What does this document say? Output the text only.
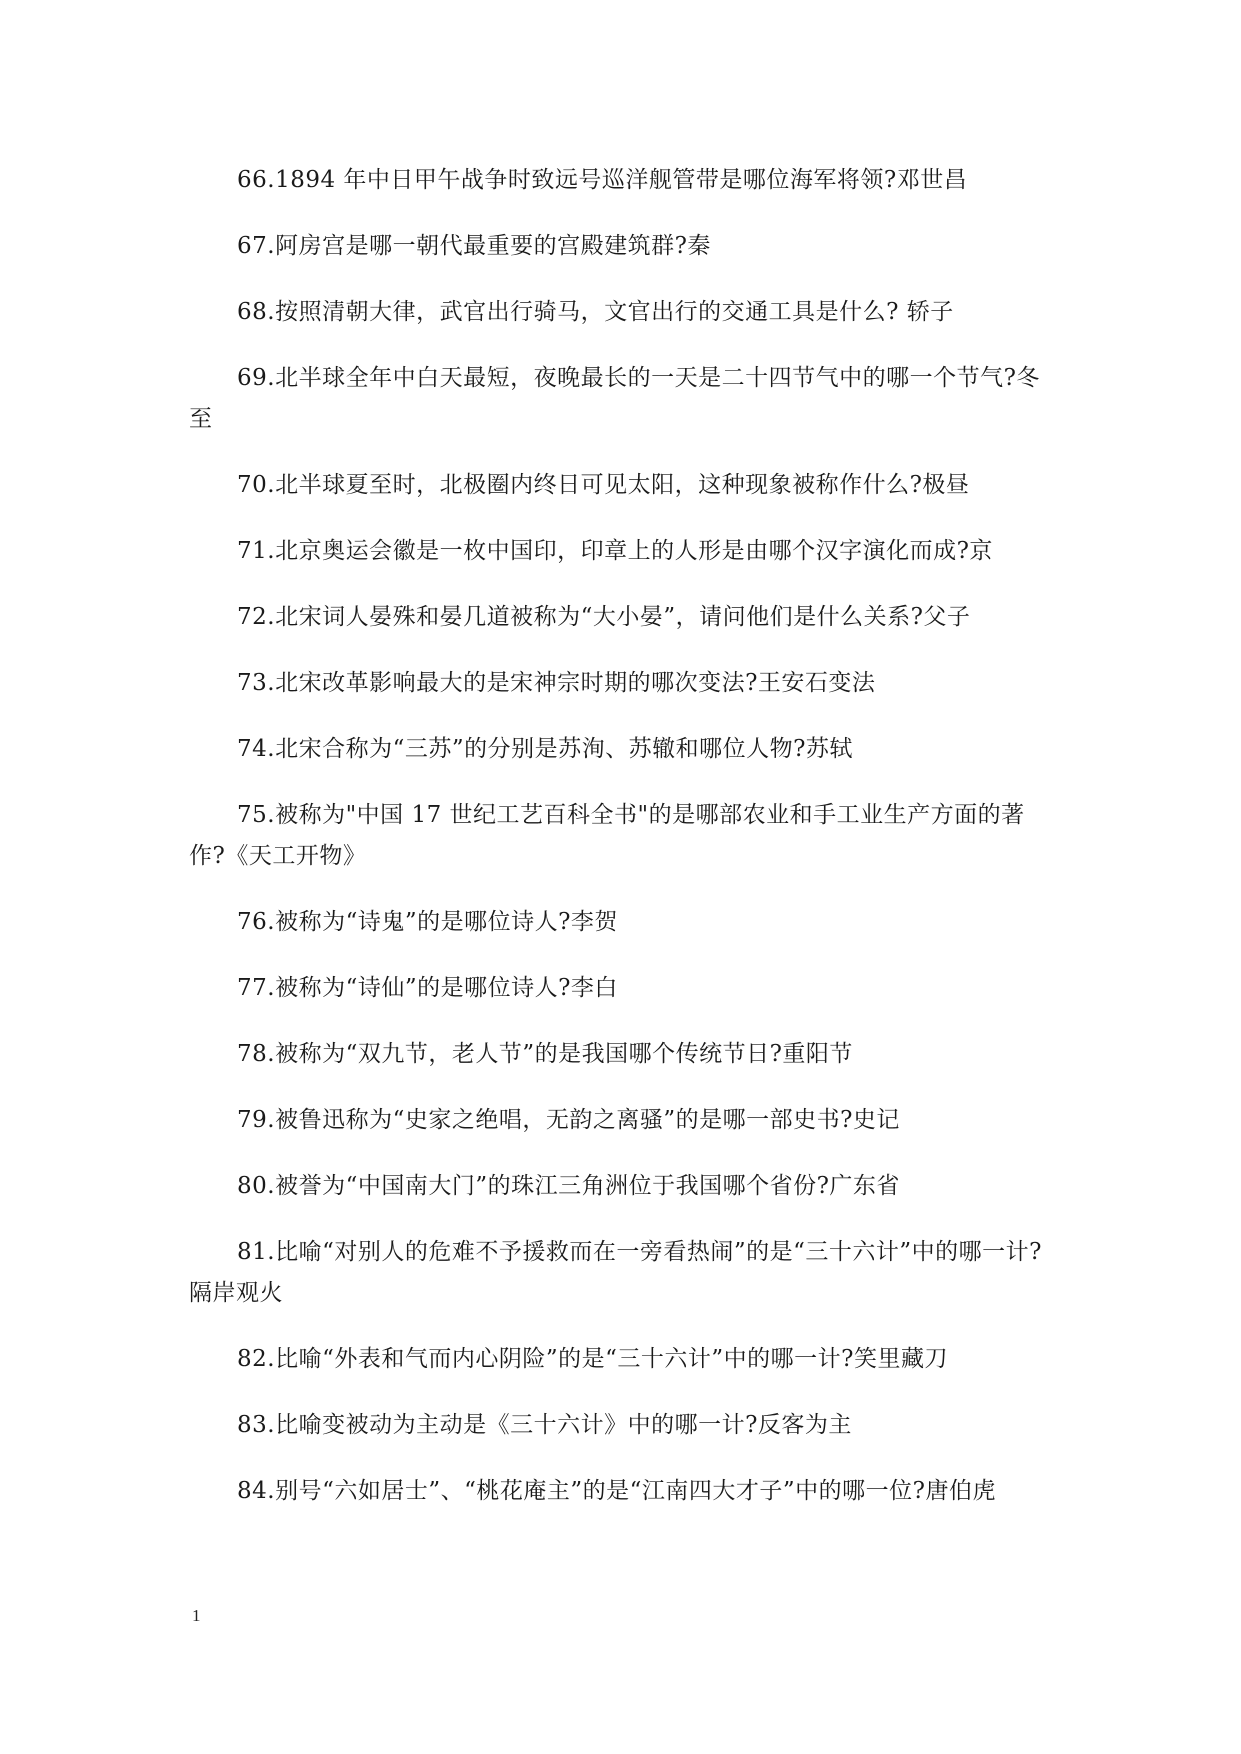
66.1894 年中日甲午战争时致远号巡洋舰管带是哪位海军将领?邓世昌

67.阿房宫是哪一朝代最重要的宫殿建筑群?秦

68.按照清朝大律，武官出行骑马，文官出行的交通工具是什么? 轿子

69.北半球全年中白天最短，夜晚最长的一天是二十四节气中的哪一个节气?冬至

70.北半球夏至时，北极圈内终日可见太阳，这种现象被称作什么?极昼

71.北京奥运会徽是一枚中国印，印章上的人形是由哪个汉字演化而成?京

72.北宋词人晏殊和晏几道被称为“大小晏”，请问他们是什么关系?父子

73.北宋改革影响最大的是宋神宗时期的哪次变法?王安石变法

74.北宋合称为“三苏”的分别是苏洵、苏辙和哪位人物?苏轼

75.被称为"中国 17 世纪工艺百科全书"的是哪部农业和手工业生产方面的著作?《天工开物》

76.被称为“诗鬼”的是哪位诗人?李贺

77.被称为“诗仙”的是哪位诗人?李白

78.被称为“双九节，老人节”的是我国哪个传统节日?重阳节

79.被鲁迅称为“史家之绝唱，无韵之离骚”的是哪一部史书?史记

80.被誉为“中国南大门”的珠江三角洲位于我国哪个省份?广东省

81.比喻“对别人的危难不予援救而在一旁看热闹”的是“三十六计”中的哪一计? 隔岸观火

82.比喻“外表和气而内心阴险”的是“三十六计”中的哪一计?笑里藏刀

83.比喻变被动为主动是《三十六计》中的哪一计?反客为主

84.别号“六如居士”、“桃花庵主”的是“江南四大才子”中的哪一位?唐伯虎

1
